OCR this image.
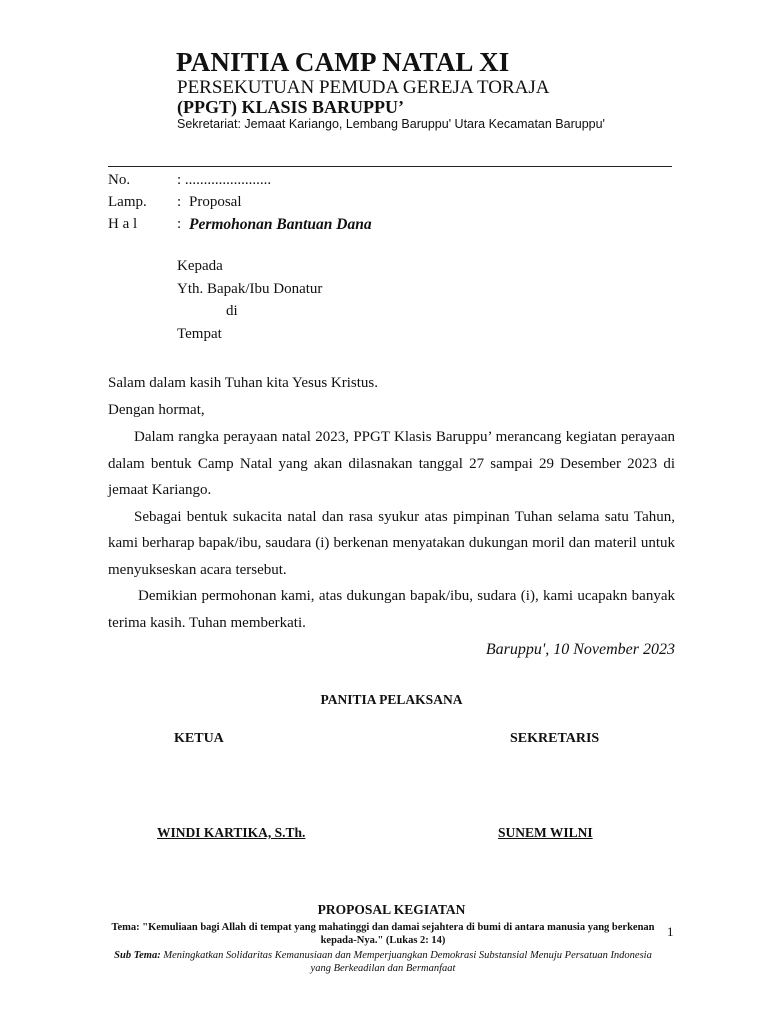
PANITIA CAMP NATAL XI
PERSEKUTUAN PEMUDA GEREJA TORAJA
(PPGT) KLASIS BARUPPU’
Sekretariat: Jemaat Kariango, Lembang Baruppu' Utara Kecamatan Baruppu'
No.	: .......................
Lamp. : Proposal
H a l	: Permohonan Bantuan Dana
Kepada
Yth. Bapak/Ibu Donatur
di
Tempat
Salam dalam kasih Tuhan kita Yesus Kristus.
Dengan hormat,

Dalam rangka perayaan natal 2023, PPGT Klasis Baruppu’ merancang kegiatan perayaan dalam bentuk Camp Natal yang akan dilasnakan tanggal 27 sampai 29 Desember 2023 di jemaat Kariango.

Sebagai bentuk sukacita natal dan rasa syukur atas pimpinan Tuhan selama satu Tahun, kami berharap bapak/ibu, saudara (i) berkenan menyatakan dukungan moril dan materil untuk menyukseskan acara tersebut.

Demikian permohonan kami, atas dukungan bapak/ibu, sudara (i), kami ucapakn banyak terima kasih. Tuhan memberkati.

Baruppu', 10 November 2023
PANITIA PELAKSANA
KETUA	SEKRETARIS
WINDI KARTIKA, S.Th.	SUNEM WILNI
PROPOSAL KEGIATAN
Tema: "Kemuliaan bagi Allah di tempat yang mahatinggi dan damai sejahtera di bumi di antara manusia yang berkenan kepada-Nya." (Lukas 2: 14)
Sub Tema: Meningkatkan Solidaritas Kemanusiaan dan Memperjuangkan Demokrasi Substansial Menuju Persatuan Indonesia yang Berkeadilan dan Bermanfaat
1
